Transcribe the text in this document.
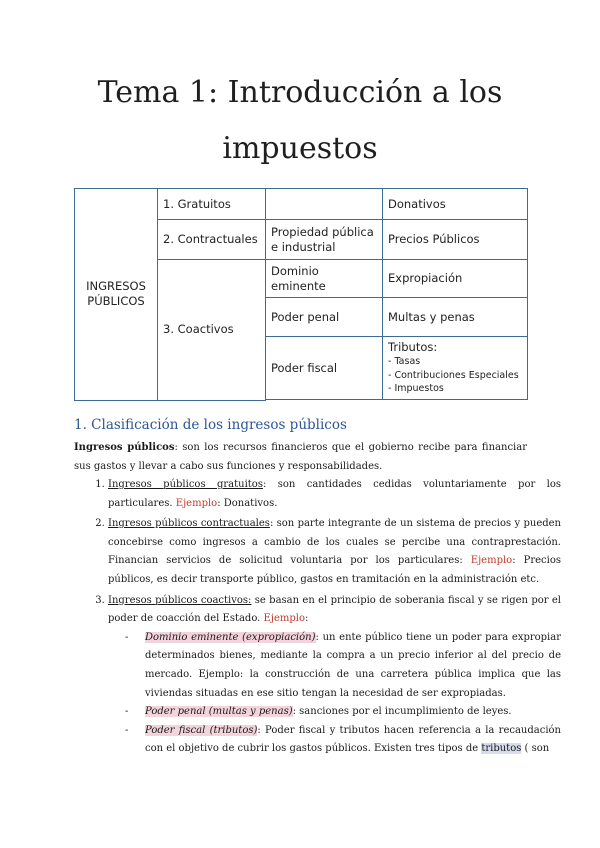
Tema 1: Introducción a los
impuestos
INGRESOS PÚBLICOS	1. Gratuitos		Donativos
	2. Contractuales	Propiedad pública e industrial	Precios Públicos
	3. Coactivos	Dominio eminente	Expropiación
		Poder penal	Multas y penas
		Poder fiscal	Tributos:
- Tasas
- Contribuciones Especiales
- Impuestos

1. Clasificación de los ingresos públicos
Ingresos públicos: son los recursos financieros que el gobierno recibe para financiar sus gastos y llevar a cabo sus funciones y responsabilidades.
1. Ingresos públicos gratuitos: son cantidades cedidas voluntariamente por los particulares. Ejemplo: Donativos.
2. Ingresos públicos contractuales: son parte integrante de un sistema de precios y pueden concebirse como ingresos a cambio de los cuales se percibe una contraprestación. Financian servicios de solicitud voluntaria por los particulares: Ejemplo: Precios públicos, es decir transporte público, gastos en tramitación en la administración etc.
3. Ingresos públicos coactivos: se basan en el principio de soberania fiscal y se rigen por el poder de coacción del Estado. Ejemplo:
- Dominio eminente (expropiación): un ente público tiene un poder para expropiar determinados bienes, mediante la compra a un precio inferior al del precio de mercado. Ejemplo: la construcción de una carretera pública implica que las viviendas situadas en ese sitio tengan la necesidad de ser expropiadas.
- Poder penal (multas y penas): sanciones por el incumplimiento de leyes.
- Poder fiscal (tributos): Poder fiscal y tributos hacen referencia a la recaudación con el objetivo de cubrir los gastos públicos. Existen tres tipos de tributos ( son
